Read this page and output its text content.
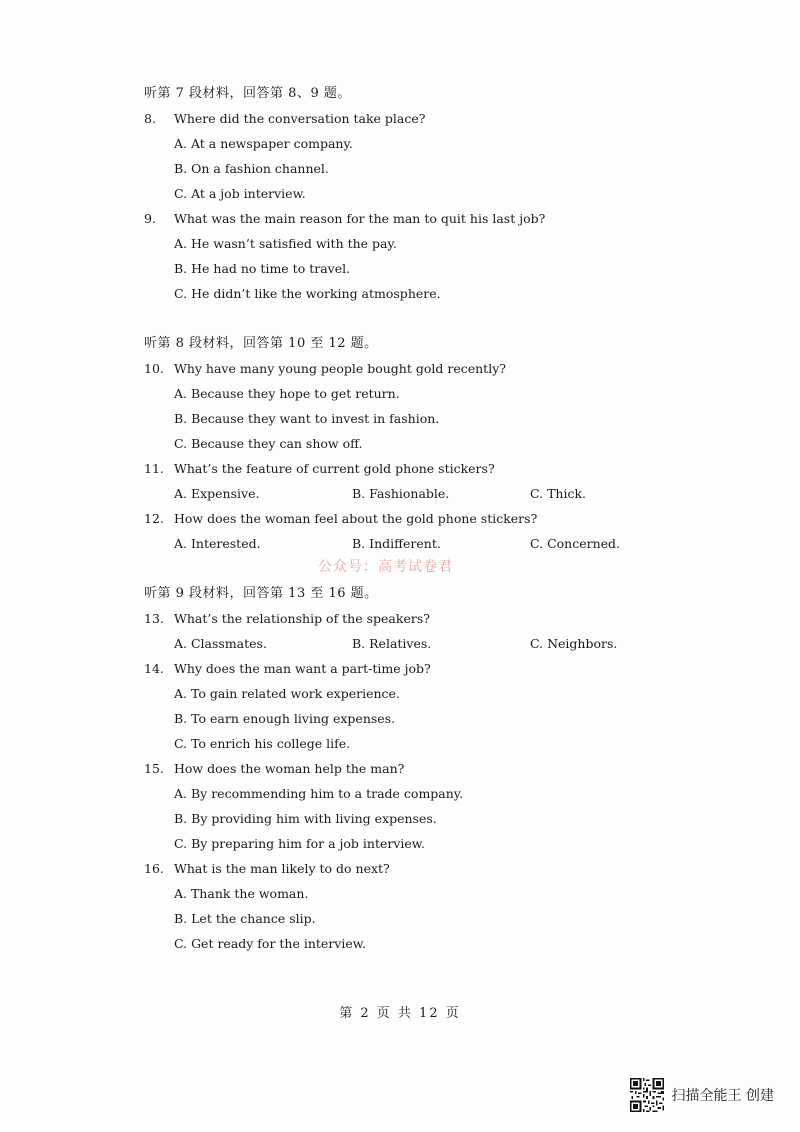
听第 7 段材料，回答第 8、9 题。

8.	Where did the conversation take place?

A. At a newspaper company.

B. On a fashion channel.

C. At a job interview.

9.	What was the main reason for the man to quit his last job?

A. He wasn’t satisfied with the pay.

B. He had no time to travel.

C. He didn’t like the working atmosphere.

听第 8 段材料，回答第 10 至 12 题。

10. Why have many young people bought gold recently?

A. Because they hope to get return.

B. Because they want to invest in fashion.

C. Because they can show off.

11. What’s the feature of current gold phone stickers?
A. Expensive.	B. Fashionable.	C. Thick.
12. How does the woman feel about the gold phone stickers?
A. Interested.	B. Indifferent.	C. Concerned.

听第 9 段材料，回答第 13 至 16 题。

13. What’s the relationship of the speakers?
A. Classmates.	B. Relatives.	C. Neighbors.
14. Why does the man want a part-time job?

A. To gain related work experience.

B. To earn enough living expenses.

C. To enrich his college life.

15. How does the woman help the man?

A. By recommending him to a trade company.

B. By providing him with living expenses.

C. By preparing him for a job interview.

16. What is the man likely to do next?

A. Thank the woman.

B. Let the chance slip.

C. Get ready for the interview.

公众号：高考试卷君
第 2 页 共 12 页
扫描全能王 创建
